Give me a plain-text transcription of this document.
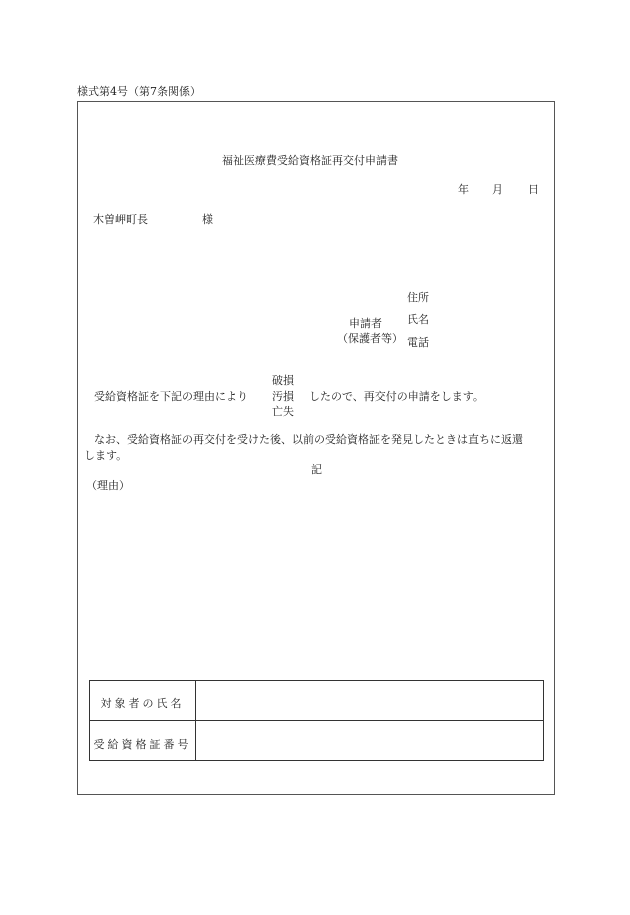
様式第4号（第7条関係）
福祉医療費受給資格証再交付申請書
年 月 日
木曽岬町長	様
住所
氏名
電話
申請者
（保護者等）
破損
受給資格証を下記の理由により 汚損 したので、再交付の申請をします。
亡失
なお、受給資格証の再交付を受けた後、以前の受給資格証を発見したときは直ちに返還
します。
記
（理由）
対象者の氏名
受給資格証番号
